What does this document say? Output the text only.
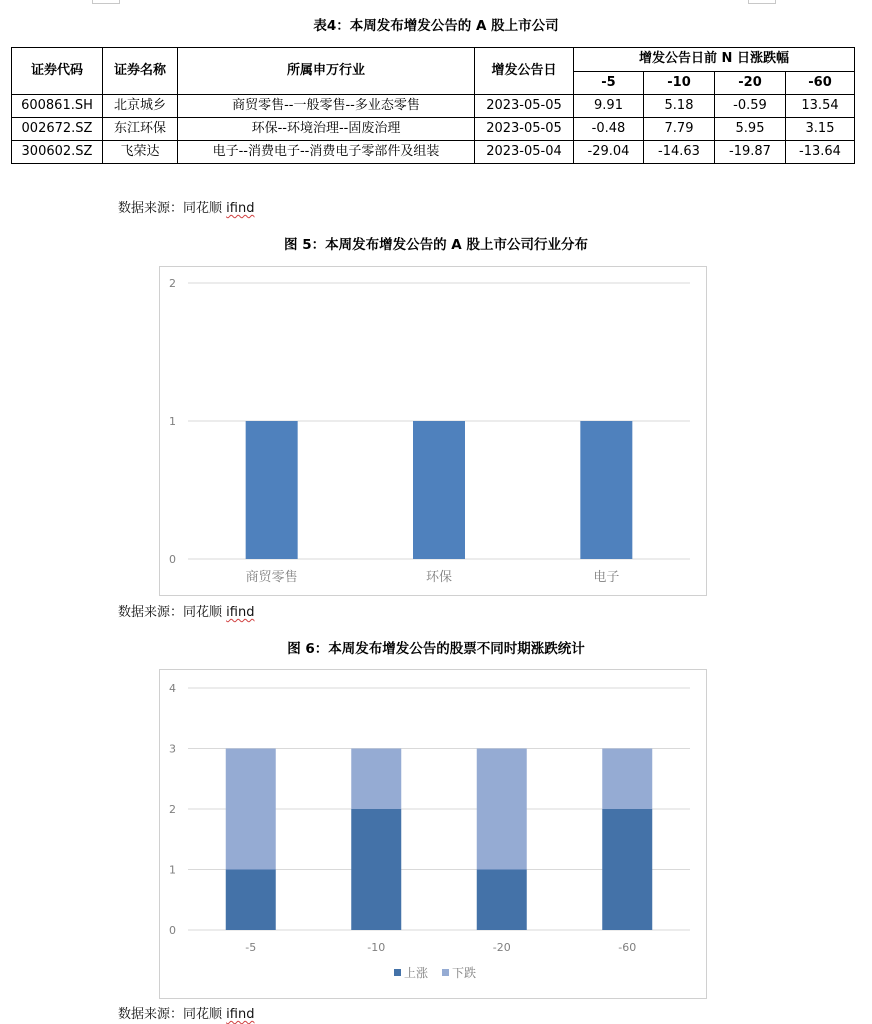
表4：本周发布增发公告的 A 股上市公司
证券代码	证券名称	所属申万行业	增发公告日	增发公告日前 N 日涨跌幅			
				-5	-10	-20	-60
600861.SH	北京城乡	商贸零售--一般零售--多业态零售	2023-05-05	9.91	5.18	-0.59	13.54
002672.SZ	东江环保	环保--环境治理--固废治理	2023-05-05	-0.48	7.79	5.95	3.15
300602.SZ	飞荣达	电子--消费电子--消费电子零部件及组装	2023-05-04	-29.04	-14.63	-19.87	-13.64
数据来源：同花顺 ifind
图 5：本周发布增发公告的 A 股上市公司行业分布
0
1
2
商贸零售	环保	电子
数据来源：同花顺 ifind
图 6：本周发布增发公告的股票不同时期涨跌统计
0
1
2
3
4
-5	-10	-20	-60
上涨 下跌
数据来源：同花顺 ifind
